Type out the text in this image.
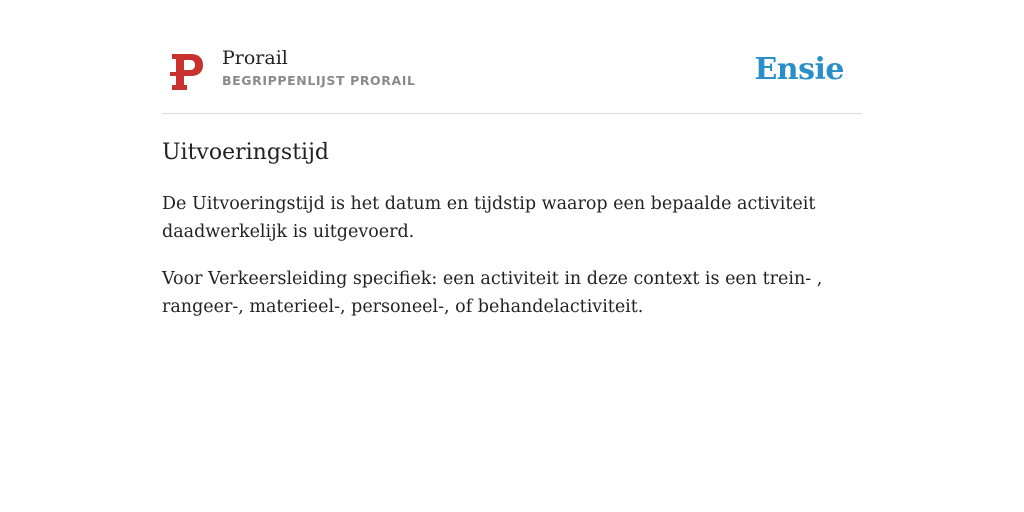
Prorail
BEGRIPPENLIJST PRORAIL	Ensie
Uitvoeringstijd

De Uitvoeringstijd is het datum en tijdstip waarop een bepaalde activiteit daadwerkelijk is uitgevoerd.

Voor Verkeersleiding specifiek: een activiteit in deze context is een trein- , rangeer-, materieel-, personeel-, of behandelactiviteit.
